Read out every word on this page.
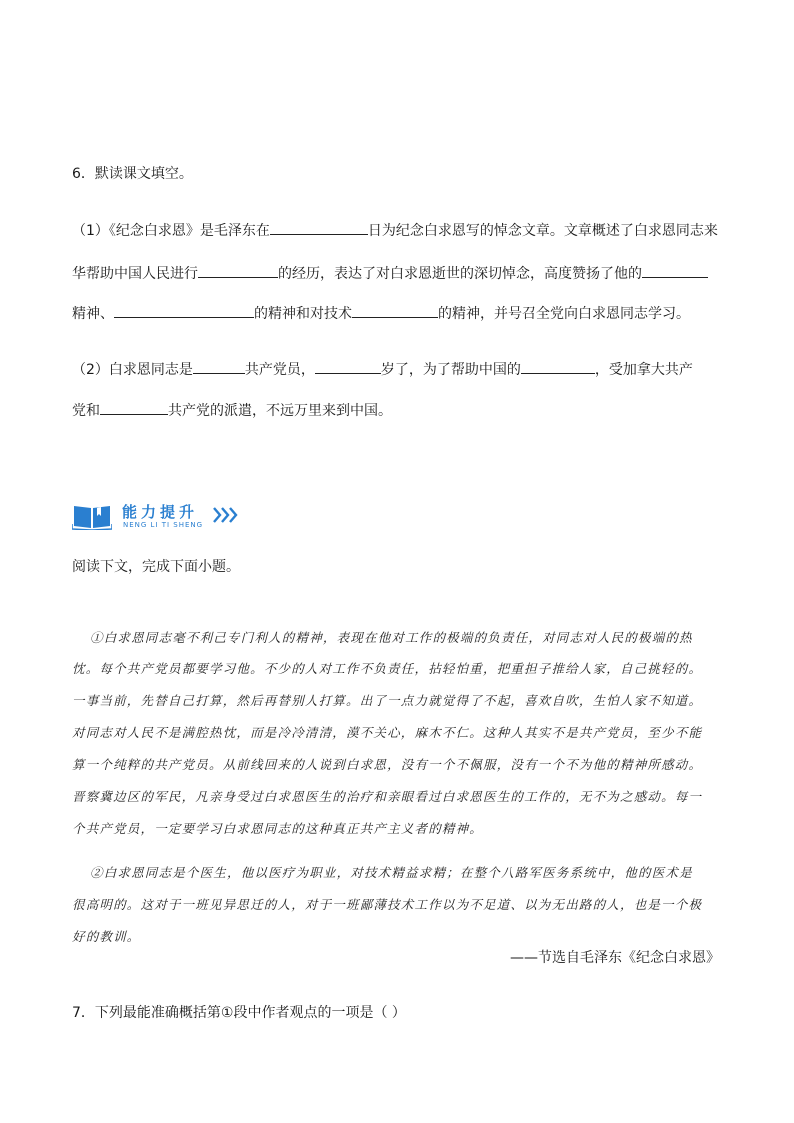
6．默读课文填空。
（1）《纪念白求恩》是毛泽东在	日为纪念白求恩写的悼念文章。文章概述了白求恩同志来
华帮助中国人民进行	的经历，表达了对白求恩逝世的深切悼念，高度赞扬了他的
精神、	的精神和对技术	的精神，并号召全党向白求恩同志学习。
（2）白求恩同志是	共产党员，	岁了，为了帮助中国的	，受加拿大共产
党和	共产党的派遣，不远万里来到中国。
能力提升
NENG LI TI SHENG
阅读下文，完成下面小题。
①白求恩同志毫不利己专门利人的精神，表现在他对工作的极端的负责任，对同志对人民的极端的热
忱。每个共产党员都要学习他。不少的人对工作不负责任，拈轻怕重，把重担子推给人家，自己挑轻的。
一事当前，先替自己打算，然后再替别人打算。出了一点力就觉得了不起，喜欢自吹，生怕人家不知道。
对同志对人民不是满腔热忱，而是冷冷清清，漠不关心，麻木不仁。这种人其实不是共产党员，至少不能
算一个纯粹的共产党员。从前线回来的人说到白求恩，没有一个不佩服，没有一个不为他的精神所感动。
晋察冀边区的军民，凡亲身受过白求恩医生的治疗和亲眼看过白求恩医生的工作的，无不为之感动。每一
个共产党员，一定要学习白求恩同志的这种真正共产主义者的精神。
②白求恩同志是个医生，他以医疗为职业，对技术精益求精；在整个八路军医务系统中，他的医术是
很高明的。这对于一班见异思迁的人，对于一班鄙薄技术工作以为不足道、以为无出路的人，也是一个极
好的教训。
——节选自毛泽东《纪念白求恩》
7．下列最能准确概括第①段中作者观点的一项是（ ）
